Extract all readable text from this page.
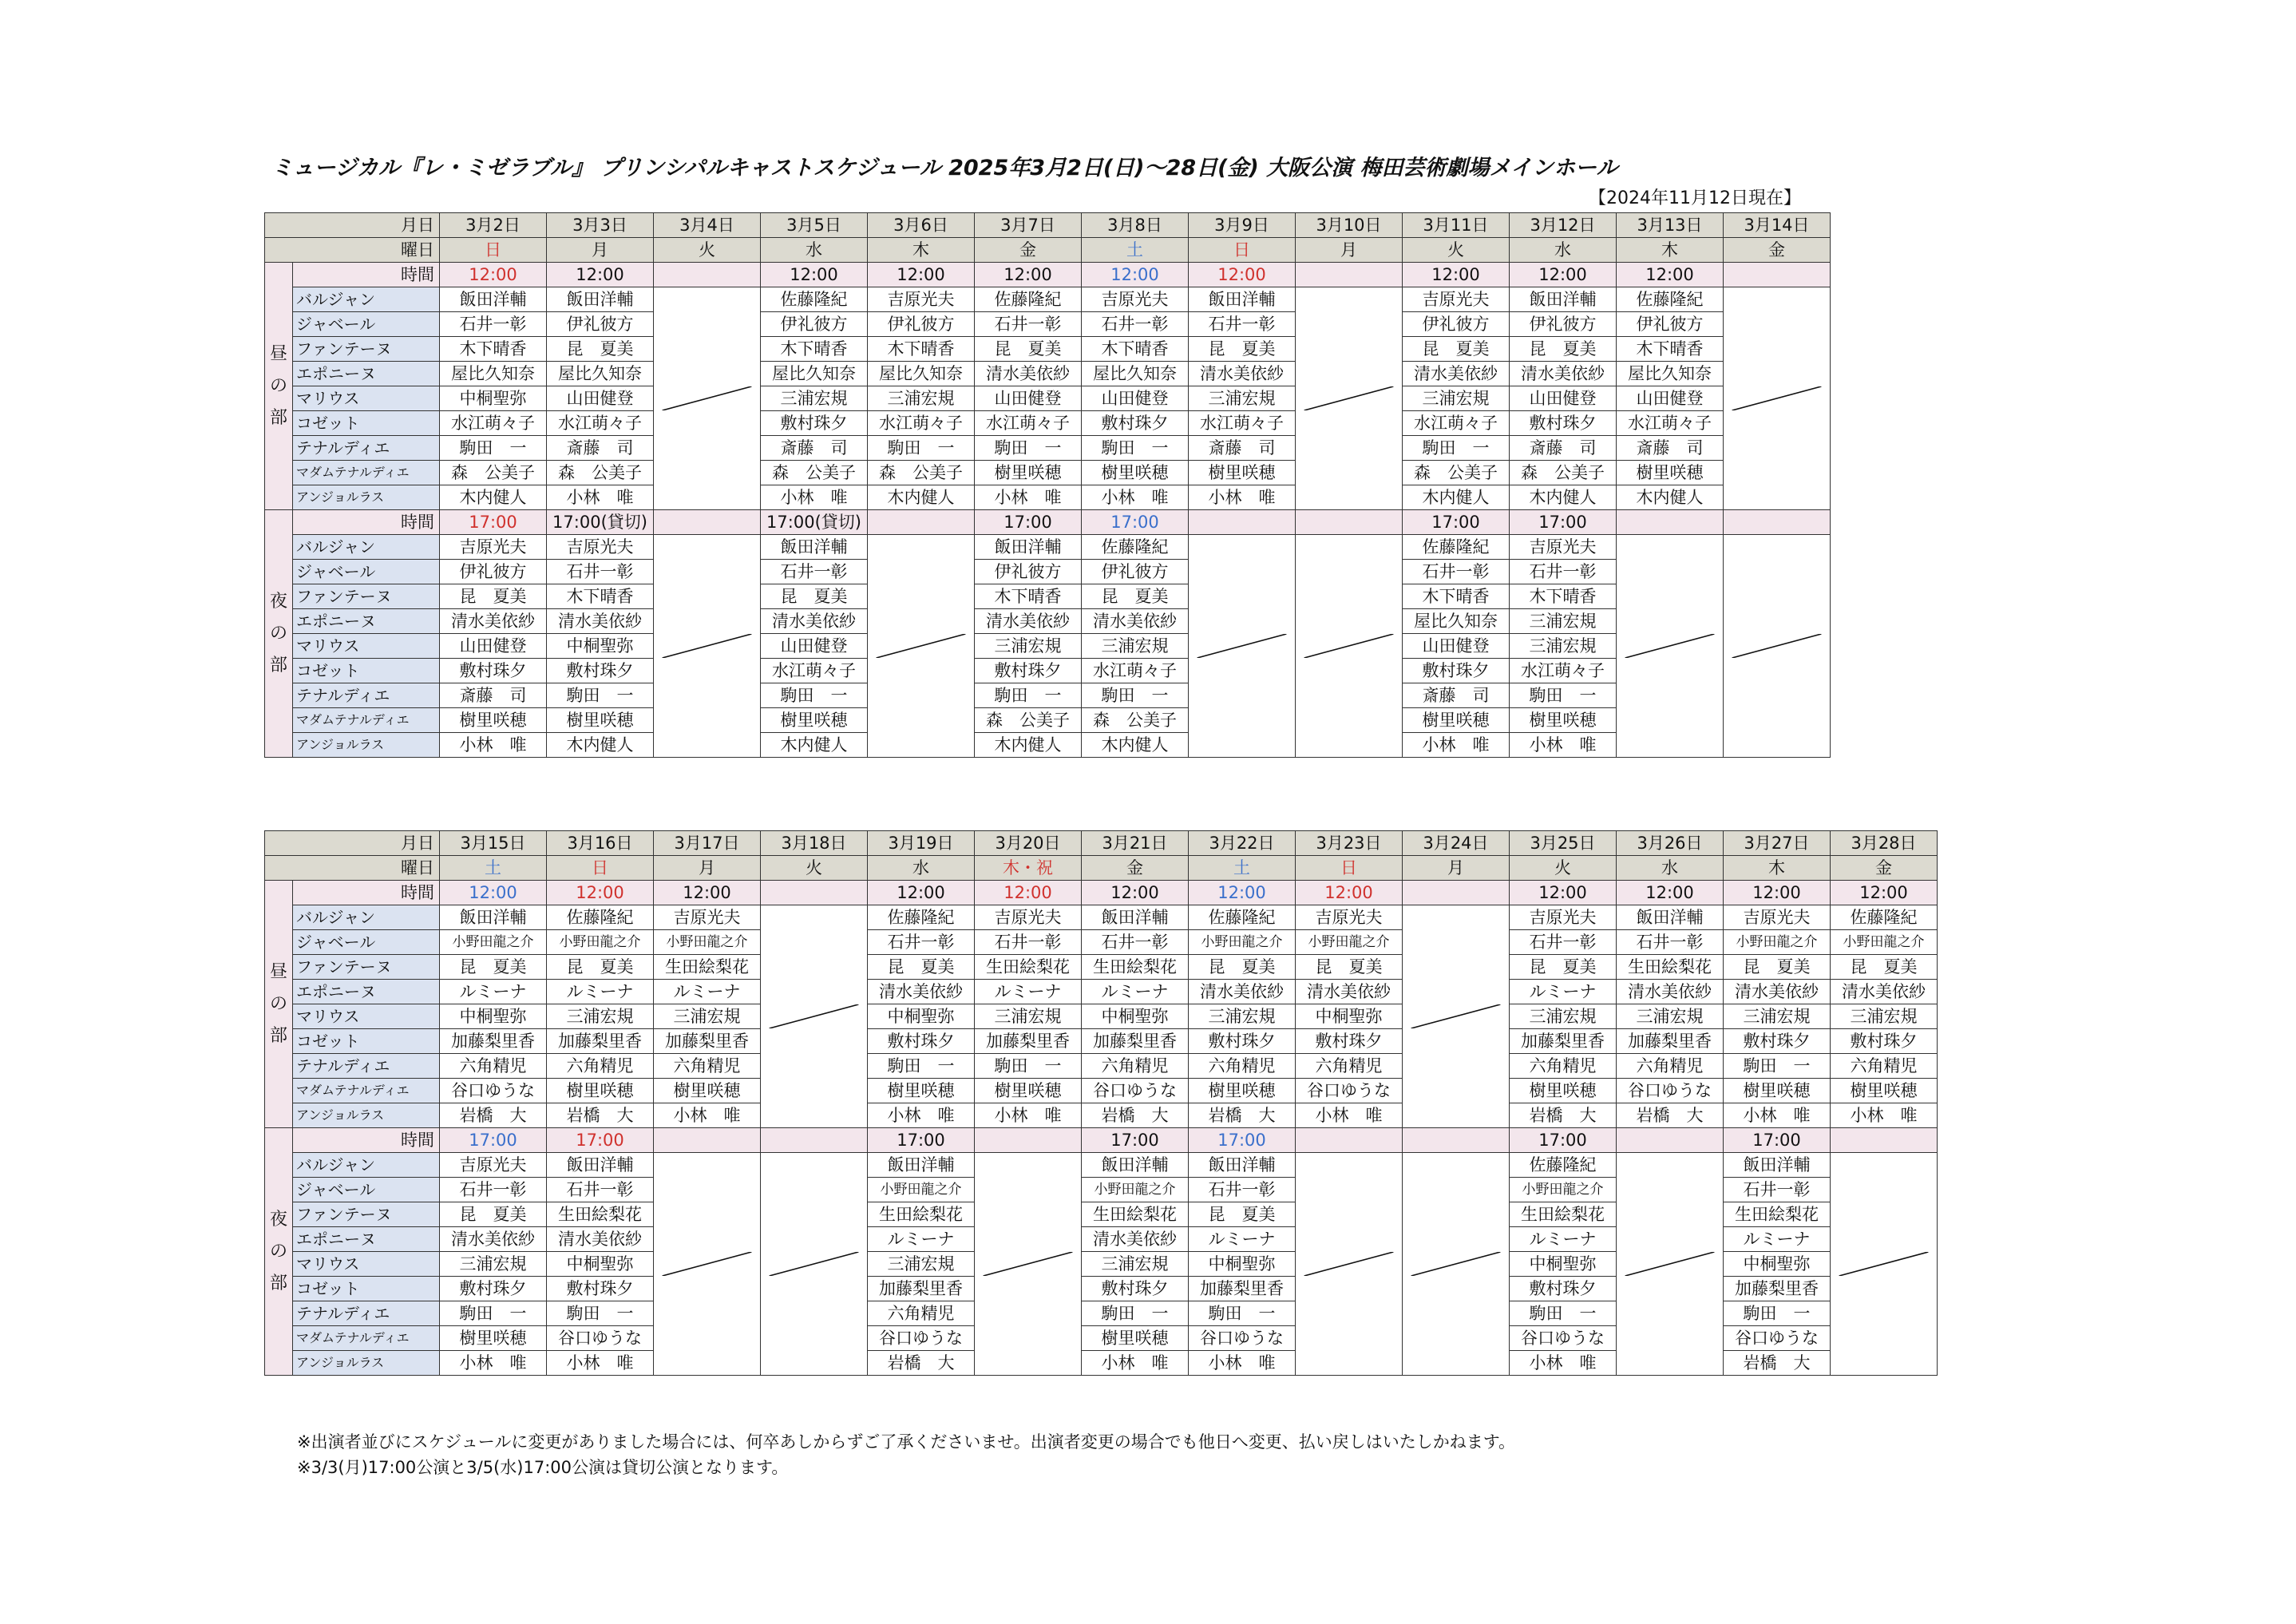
ミュージカル『レ・ミゼラブル』 プリンシパルキャストスケジュール 2025年3月2日(日)〜28日(金) 大阪公演 梅田芸術劇場メインホール
【2024年11月12日現在】
月日		3月2日	3月3日	3月4日	3月5日	3月6日	3月7日	3月8日	3月9日	3月10日	3月11日	3月12日	3月13日	3月14日
曜日		日	月	火	水	木	金	土	日	月	火	水	木	金
昼の部	時間	12:00	12:00		12:00	12:00	12:00	12:00	12:00		12:00	12:00	12:00	
	バルジャン	飯田洋輔	飯田洋輔		佐藤隆紀	吉原光夫	佐藤隆紀	吉原光夫	飯田洋輔		吉原光夫	飯田洋輔	佐藤隆紀	

	ジャベール	石井一彰	伊礼彼方		伊礼彼方	伊礼彼方	石井一彰	石井一彰	石井一彰		伊礼彼方	伊礼彼方	伊礼彼方	
	ファンテーヌ	木下晴香	昆　夏美		木下晴香	木下晴香	昆　夏美	木下晴香	昆　夏美		昆　夏美	昆　夏美	木下晴香	
	エポニーヌ	屋比久知奈	屋比久知奈		屋比久知奈	屋比久知奈	清水美依紗	屋比久知奈	清水美依紗		清水美依紗	清水美依紗	屋比久知奈	
	マリウス	中桐聖弥	山田健登		三浦宏規	三浦宏規	山田健登	山田健登	三浦宏規		三浦宏規	山田健登	山田健登	
	コゼット	水江萌々子	水江萌々子		敷村珠夕	水江萌々子	水江萌々子	敷村珠夕	水江萌々子		水江萌々子	敷村珠夕	水江萌々子	
	テナルディエ	駒田　一	斎藤　司		斎藤　司	駒田　一	駒田　一	駒田　一	斎藤　司		駒田　一	斎藤　司	斎藤　司	
	マダムテナルディエ	森　公美子	森　公美子		森　公美子	森　公美子	樹里咲穂	樹里咲穂	樹里咲穂		森　公美子	森　公美子	樹里咲穂	
	アンジョルラス	木内健人	小林　唯		小林　唯	木内健人	小林　唯	小林　唯	小林　唯		木内健人	木内健人	木内健人	
夜の部	時間	17:00	17:00(貸切)		17:00(貸切)		17:00	17:00			17:00	17:00		
	バルジャン	吉原光夫	吉原光夫		飯田洋輔		飯田洋輔	佐藤隆紀			佐藤隆紀	吉原光夫	

	ジャベール	伊礼彼方	石井一彰		石井一彰		伊礼彼方	伊礼彼方			石井一彰	石井一彰		
	ファンテーヌ	昆　夏美	木下晴香		昆　夏美		木下晴香	昆　夏美			木下晴香	木下晴香		
	エポニーヌ	清水美依紗	清水美依紗		清水美依紗		清水美依紗	清水美依紗			屋比久知奈	三浦宏規		
	マリウス	山田健登	中桐聖弥		山田健登		三浦宏規	三浦宏規			山田健登	三浦宏規		
	コゼット	敷村珠夕	敷村珠夕		水江萌々子		敷村珠夕	水江萌々子			敷村珠夕	水江萌々子		
	テナルディエ	斎藤　司	駒田　一		駒田　一		駒田　一	駒田　一			斎藤　司	駒田　一		
	マダムテナルディエ	樹里咲穂	樹里咲穂		樹里咲穂		森　公美子	森　公美子			樹里咲穂	樹里咲穂		
	アンジョルラス	小林　唯	木内健人		木内健人		木内健人	木内健人			小林　唯	小林　唯		
月日		3月15日	3月16日	3月17日	3月18日	3月19日	3月20日	3月21日	3月22日	3月23日	3月24日	3月25日	3月26日	3月27日	3月28日
曜日		土	日	月	火	水	木・祝	金	土	日	月	火	水	木	金
昼の部	時間	12:00	12:00	12:00		12:00	12:00	12:00	12:00	12:00		12:00	12:00	12:00	12:00
	バルジャン	飯田洋輔	佐藤隆紀	吉原光夫		佐藤隆紀	吉原光夫	飯田洋輔	佐藤隆紀	吉原光夫		吉原光夫	飯田洋輔	吉原光夫	佐藤隆紀
	ジャベール	小野田龍之介	小野田龍之介	小野田龍之介		石井一彰	石井一彰	石井一彰	小野田龍之介	小野田龍之介		石井一彰	石井一彰	小野田龍之介	小野田龍之介
	ファンテーヌ	昆　夏美	昆　夏美	生田絵梨花		昆　夏美	生田絵梨花	生田絵梨花	昆　夏美	昆　夏美		昆　夏美	生田絵梨花	昆　夏美	昆　夏美
	エポニーヌ	ルミーナ	ルミーナ	ルミーナ		清水美依紗	ルミーナ	ルミーナ	清水美依紗	清水美依紗		ルミーナ	清水美依紗	清水美依紗	清水美依紗
	マリウス	中桐聖弥	三浦宏規	三浦宏規		中桐聖弥	三浦宏規	中桐聖弥	三浦宏規	中桐聖弥		三浦宏規	三浦宏規	三浦宏規	三浦宏規
	コゼット	加藤梨里香	加藤梨里香	加藤梨里香		敷村珠夕	加藤梨里香	加藤梨里香	敷村珠夕	敷村珠夕		加藤梨里香	加藤梨里香	敷村珠夕	敷村珠夕
	テナルディエ	六角精児	六角精児	六角精児		駒田　一	駒田　一	六角精児	六角精児	六角精児		六角精児	六角精児	駒田　一	六角精児
	マダムテナルディエ	谷口ゆうな	樹里咲穂	樹里咲穂		樹里咲穂	樹里咲穂	谷口ゆうな	樹里咲穂	谷口ゆうな		樹里咲穂	谷口ゆうな	樹里咲穂	樹里咲穂
	アンジョルラス	岩橋　大	岩橋　大	小林　唯		小林　唯	小林　唯	岩橋　大	岩橋　大	小林　唯		岩橋　大	岩橋　大	小林　唯	小林　唯
夜の部	時間	17:00	17:00			17:00		17:00	17:00			17:00		17:00	
	バルジャン	吉原光夫	飯田洋輔			飯田洋輔		飯田洋輔	飯田洋輔			佐藤隆紀		飯田洋輔	

	ジャベール	石井一彰	石井一彰			小野田龍之介		小野田龍之介	石井一彰			小野田龍之介		石井一彰	
	ファンテーヌ	昆　夏美	生田絵梨花			生田絵梨花		生田絵梨花	昆　夏美			生田絵梨花		生田絵梨花	
	エポニーヌ	清水美依紗	清水美依紗			ルミーナ		清水美依紗	ルミーナ			ルミーナ		ルミーナ	
	マリウス	三浦宏規	中桐聖弥			三浦宏規		三浦宏規	中桐聖弥			中桐聖弥		中桐聖弥	
	コゼット	敷村珠夕	敷村珠夕			加藤梨里香		敷村珠夕	加藤梨里香			敷村珠夕		加藤梨里香	
	テナルディエ	駒田　一	駒田　一			六角精児		駒田　一	駒田　一			駒田　一		駒田　一	
	マダムテナルディエ	樹里咲穂	谷口ゆうな			谷口ゆうな		樹里咲穂	谷口ゆうな			谷口ゆうな		谷口ゆうな	
	アンジョルラス	小林　唯	小林　唯			岩橋　大		小林　唯	小林　唯			小林　唯		岩橋　大	
※出演者並びにスケジュールに変更がありました場合には、何卒あしからずご了承くださいませ。出演者変更の場合でも他日へ変更、払い戻しはいたしかねます。
※3/3(月)17:00公演と3/5(水)17:00公演は貸切公演となります。
